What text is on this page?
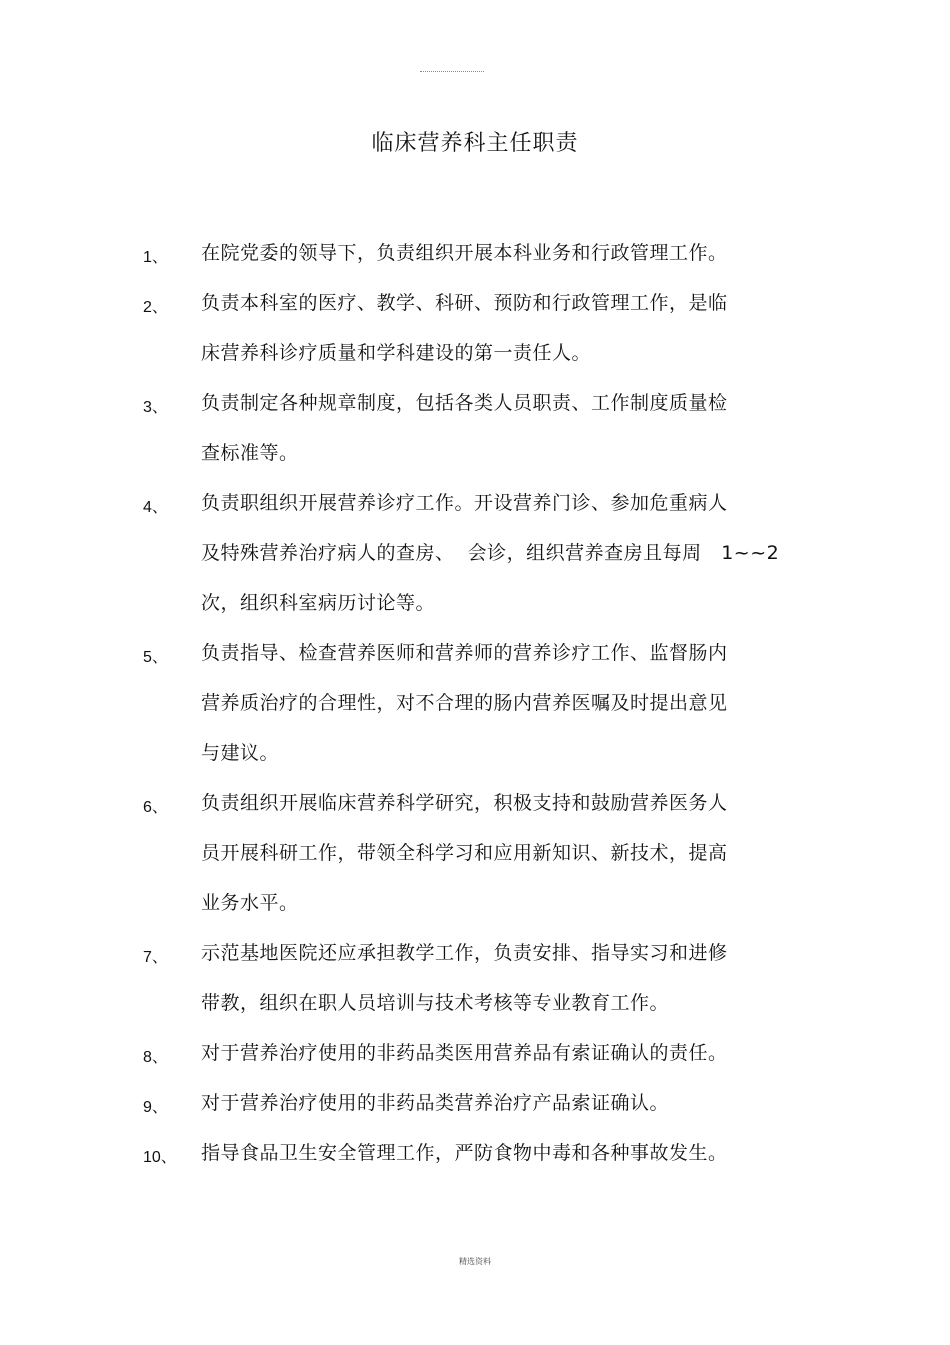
临床营养科主任职责
1、 在院党委的领导下，负责组织开展本科业务和行政管理工作。
2、 负责本科室的医疗、教学、科研、预防和行政管理工作，是临
床营养科诊疗质量和学科建设的第一责任人。
3、 负责制定各种规章制度，包括各类人员职责、工作制度质量检
查标准等。
4、 负责职组织开展营养诊疗工作。开设营养门诊、参加危重病人
及特殊营养治疗病人的查房、  会诊，组织营养查房且每周   1~~2
次，组织科室病历讨论等。
5、 负责指导、检查营养医师和营养师的营养诊疗工作、监督肠内
营养质治疗的合理性，对不合理的肠内营养医嘱及时提出意见
与建议。
6、 负责组织开展临床营养科学研究，积极支持和鼓励营养医务人
员开展科研工作，带领全科学习和应用新知识、新技术，提高
业务水平。
7、 示范基地医院还应承担教学工作，负责安排、指导实习和进修
带教，组织在职人员培训与技术考核等专业教育工作。
8、 对于营养治疗使用的非药品类医用营养品有索证确认的责任。
9、 对于营养治疗使用的非药品类营养治疗产品索证确认。
10、 指导食品卫生安全管理工作，严防食物中毒和各种事故发生。
精选资料
